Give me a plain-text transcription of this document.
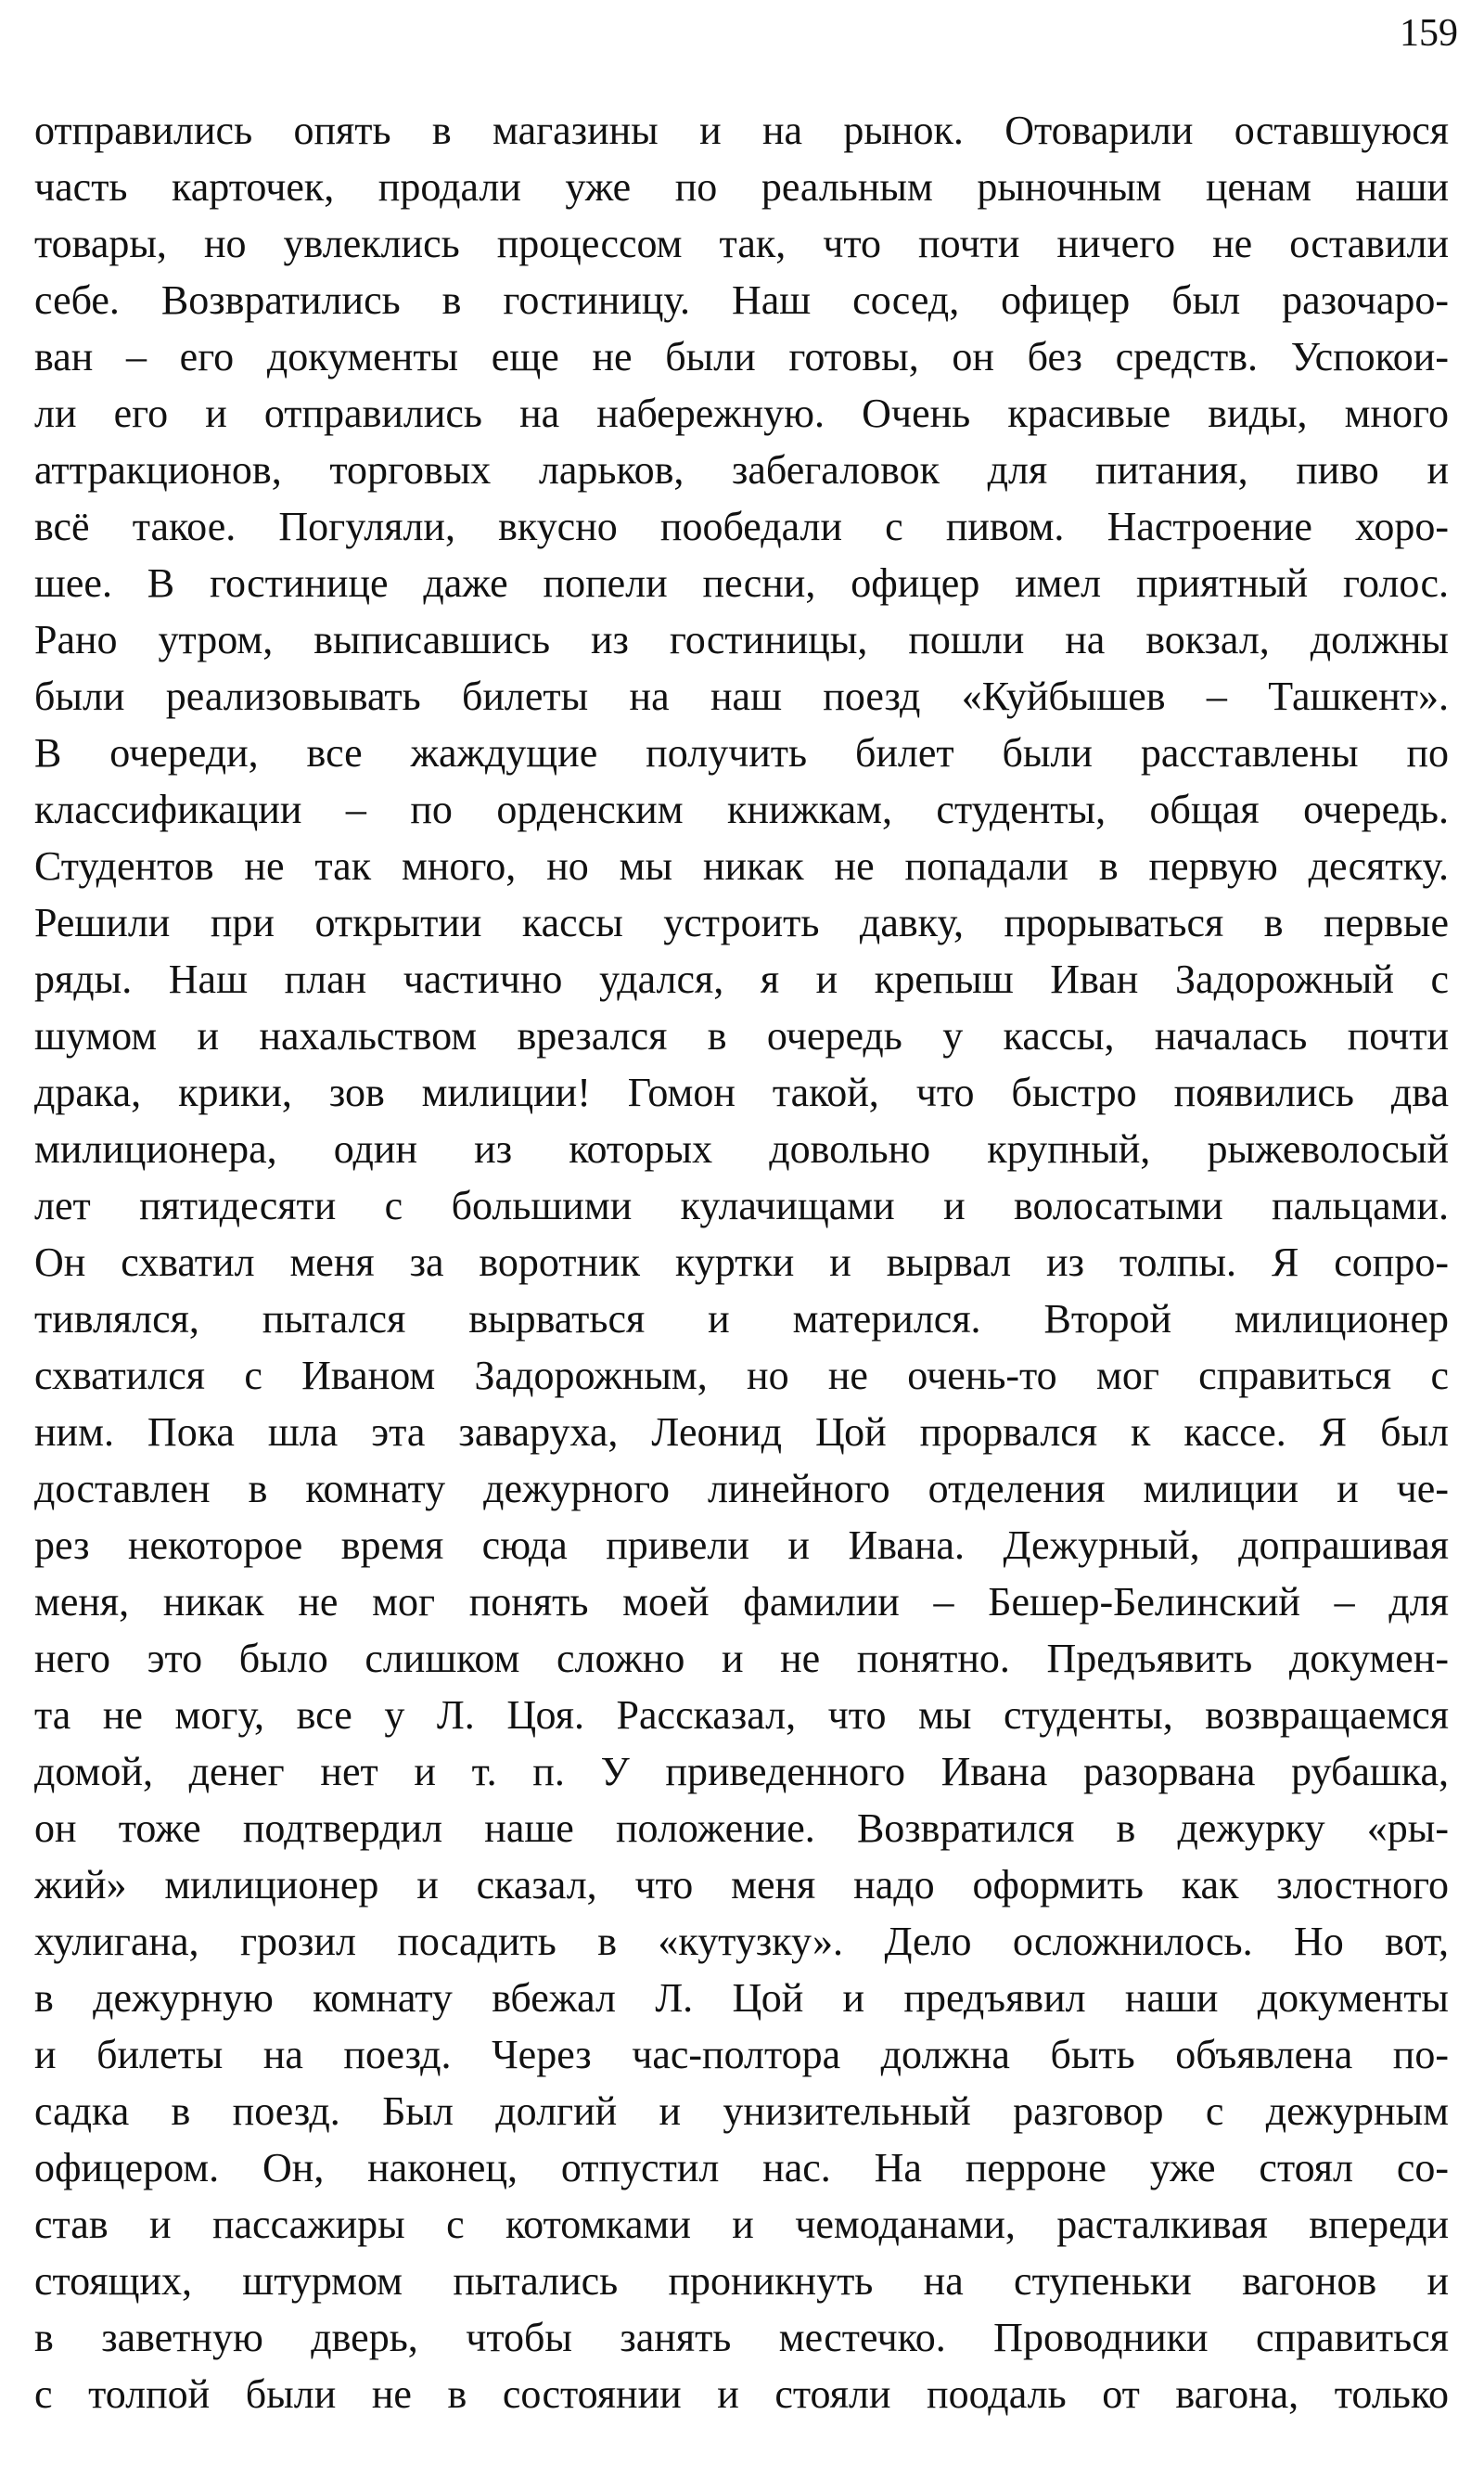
159
отправились опять в магазины и на рынок. Отоварили оставшуюся
часть карточек, продали уже по реальным рыночным ценам наши
товары, но увлеклись процессом так, что почти ничего не оставили
себе. Возвратились в гостиницу. Наш сосед, офицер был разочаро-
ван – его документы еще не были готовы, он без средств. Успокои-
ли его и отправились на набережную. Очень красивые виды, много
аттракционов, торговых ларьков, забегаловок для питания, пиво и
всё такое. Погуляли, вкусно пообедали с пивом. Настроение хоро-
шее. В гостинице даже попели песни, офицер имел приятный голос.
Рано утром, выписавшись из гостиницы, пошли на вокзал, должны
были реализовывать билеты на наш поезд «Куйбышев – Ташкент».
В очереди, все жаждущие получить билет были расставлены по
классификации – по орденским книжкам, студенты, общая очередь.
Студентов не так много, но мы никак не попадали в первую десятку.
Решили при открытии кассы устроить давку, прорываться в первые
ряды. Наш план частично удался, я и крепыш Иван Задорожный с
шумом и нахальством врезался в очередь у кассы, началась почти
драка, крики, зов милиции! Гомон такой, что быстро появились два
милиционера, один из которых довольно крупный, рыжеволосый
лет пятидесяти с большими кулачищами и волосатыми пальцами.
Он схватил меня за воротник куртки и вырвал из толпы. Я сопро-
тивлялся, пытался вырваться и матерился. Второй милиционер
схватился с Иваном Задорожным, но не очень-то мог справиться с
ним. Пока шла эта заваруха, Леонид Цой прорвался к кассе. Я был
доставлен в комнату дежурного линейного отделения милиции и че-
рез некоторое время сюда привели и Ивана. Дежурный, допрашивая
меня, никак не мог понять моей фамилии – Бешер-Белинский – для
него это было слишком сложно и не понятно. Предъявить докумен-
та не могу, все у Л. Цоя. Рассказал, что мы студенты, возвращаемся
домой, денег нет и т. п. У приведенного Ивана разорвана рубашка,
он тоже подтвердил наше положение. Возвратился в дежурку «ры-
жий» милиционер и сказал, что меня надо оформить как злостного
хулигана, грозил посадить в «кутузку». Дело осложнилось. Но вот,
в дежурную комнату вбежал Л. Цой и предъявил наши документы
и билеты на поезд. Через час-полтора должна быть объявлена по-
садка в поезд. Был долгий и унизительный разговор с дежурным
офицером. Он, наконец, отпустил нас. На перроне уже стоял со-
став и пассажиры с котомками и чемоданами, расталкивая впереди
стоящих, штурмом пытались проникнуть на ступеньки вагонов и
в заветную дверь, чтобы занять местечко. Проводники справиться
с толпой были не в состоянии и стояли поодаль от вагона, только
